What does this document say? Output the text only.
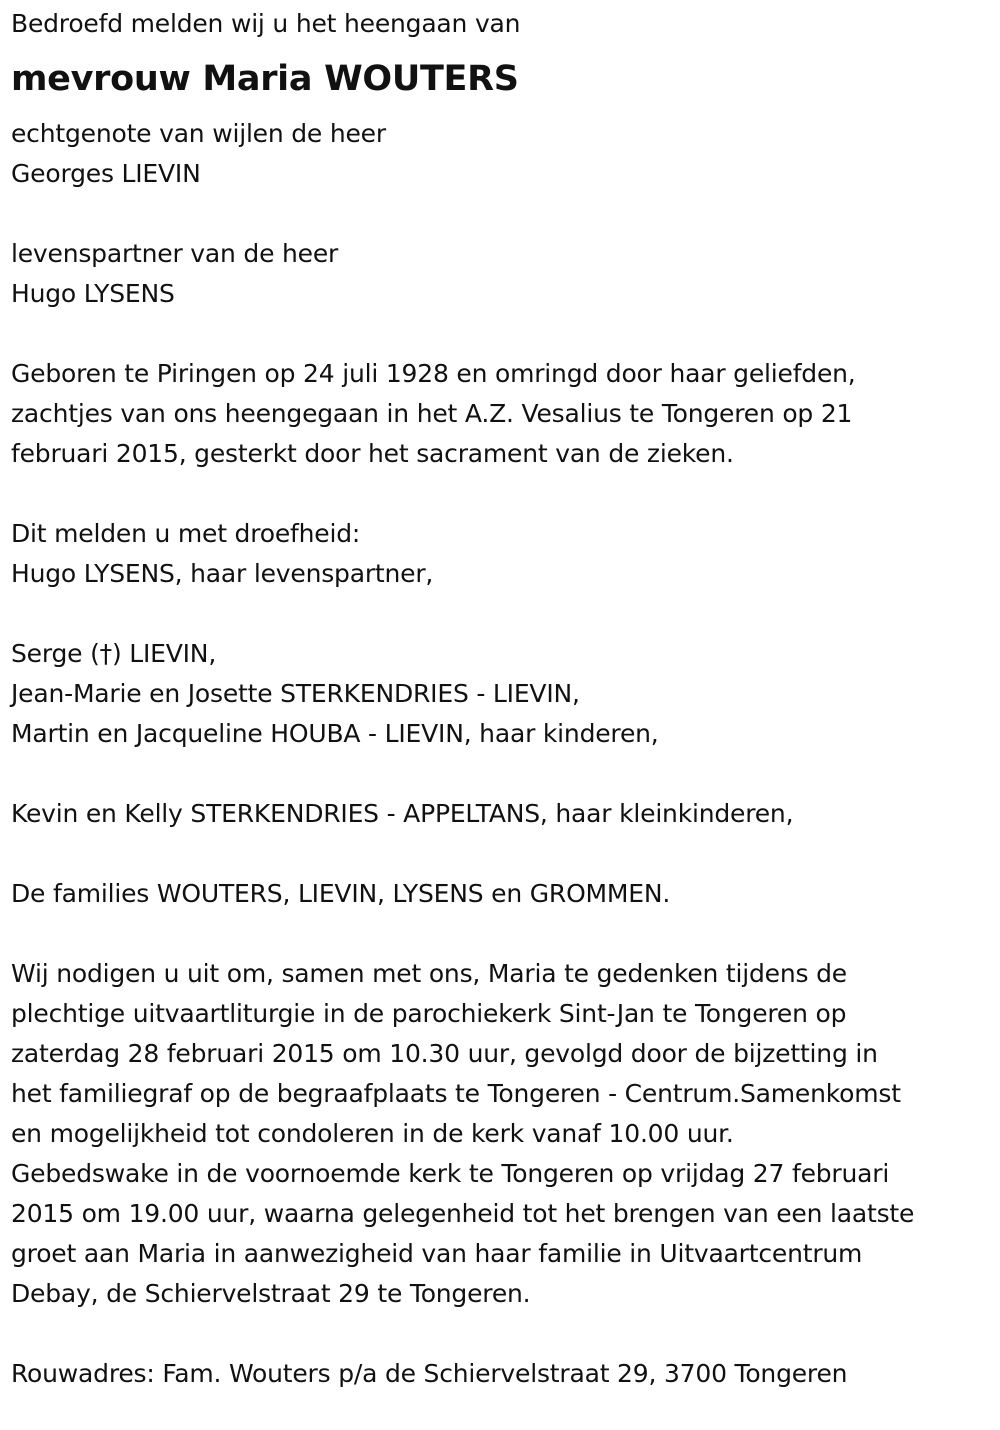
Bedroefd melden wij u het heengaan van
mevrouw Maria WOUTERS
echtgenote van wijlen de heer
Georges LIEVIN
levenspartner van de heer
Hugo LYSENS
Geboren te Piringen op 24 juli 1928 en omringd door haar geliefden,
zachtjes van ons heengegaan in het A.Z. Vesalius te Tongeren op 21
februari 2015, gesterkt door het sacrament van de zieken.
Dit melden u met droefheid:
Hugo LYSENS, haar levenspartner,
Serge (†) LIEVIN,
Jean-Marie en Josette STERKENDRIES - LIEVIN,
Martin en Jacqueline HOUBA - LIEVIN, haar kinderen,
Kevin en Kelly STERKENDRIES - APPELTANS, haar kleinkinderen,
De families WOUTERS, LIEVIN, LYSENS en GROMMEN.
Wij nodigen u uit om, samen met ons, Maria te gedenken tijdens de
plechtige uitvaartliturgie in de parochiekerk Sint-Jan te Tongeren op
zaterdag 28 februari 2015 om 10.30 uur, gevolgd door de bijzetting in
het familiegraf op de begraafplaats te Tongeren - Centrum.Samenkomst
en mogelijkheid tot condoleren in de kerk vanaf 10.00 uur.
Gebedswake in de voornoemde kerk te Tongeren op vrijdag 27 februari
2015 om 19.00 uur, waarna gelegenheid tot het brengen van een laatste
groet aan Maria in aanwezigheid van haar familie in Uitvaartcentrum
Debay, de Schiervelstraat 29 te Tongeren.
Rouwadres: Fam. Wouters p/a de Schiervelstraat 29, 3700 Tongeren
